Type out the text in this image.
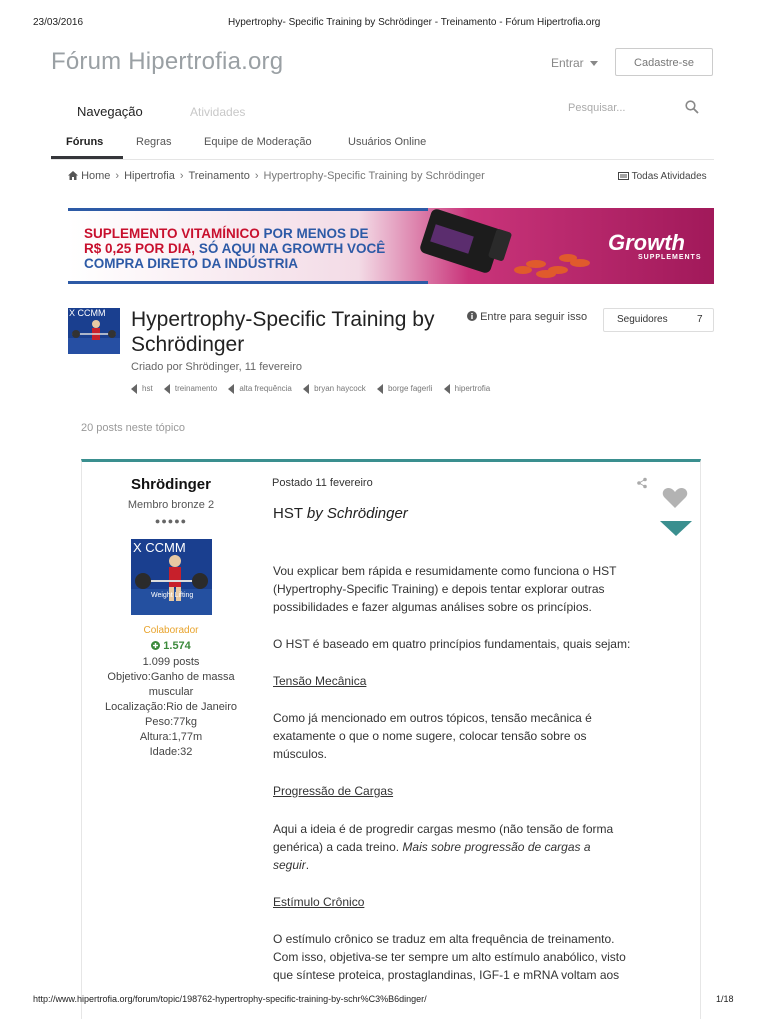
23/03/2016	Hypertrophy- Specific Training by Schrödinger - Treinamento - Fórum Hipertrofia.org
Fórum Hipertrofia.org	Entrar	Cadastre-se
Navegação	Atividades	Pesquisar...
Fóruns	Regras	Equipe de Moderação	Usuários Online
Home › Hipertrofia › Treinamento › Hypertrophy-Specific Training by Schrödinger	Todas Atividades
SUPLEMENTO VITAMÍNICO POR MENOS DE
R$ 0,25 POR DIA, SÓ AQUI NA GROWTH VOCÊ
COMPRA DIRETO DA INDÚSTRIA
Growth
SUPPLEMENTS
X CCMM Hypertrophy-Specific Training by Schrödinger
Entre para seguir isso	Seguidores	7
Criado por Shrödinger, 11 fevereiro
hst	treinamento	alta frequência	bryan haycock	borge fagerli	hipertrofia
20 posts neste tópico
Shrödinger
Membro bronze 2
●●●●●
X CCMM
Weight Lifting
Colaborador
1.574
1.099 posts
Objetivo:Ganho de massa
muscular
Localização:Rio de Janeiro
Peso:77kg
Altura:1,77m
Idade:32
Postado 11 fevereiro
HST by Schrödinger
Vou explicar bem rápida e resumidamente como funciona o HST
(Hypertrophy-Specific Training) e depois tentar explorar outras
possibilidades e fazer algumas análises sobre os princípios.
O HST é baseado em quatro princípios fundamentais, quais sejam:
Tensão Mecânica
Como já mencionado em outros tópicos, tensão mecânica é
exatamente o que o nome sugere, colocar tensão sobre os
músculos.
Progressão de Cargas
Aqui a ideia é de progredir cargas mesmo (não tensão de forma
genérica) a cada treino. Mais sobre progressão de cargas a
seguir.
Estímulo Crônico
O estímulo crônico se traduz em alta frequência de treinamento.
Com isso, objetiva-se ter sempre um alto estímulo anabólico, visto
que síntese proteica, prostaglandinas, IGF-1 e mRNA voltam aos
http://www.hipertrofia.org/forum/topic/198762-hypertrophy-specific-training-by-schr%C3%B6dinger/	1/18
